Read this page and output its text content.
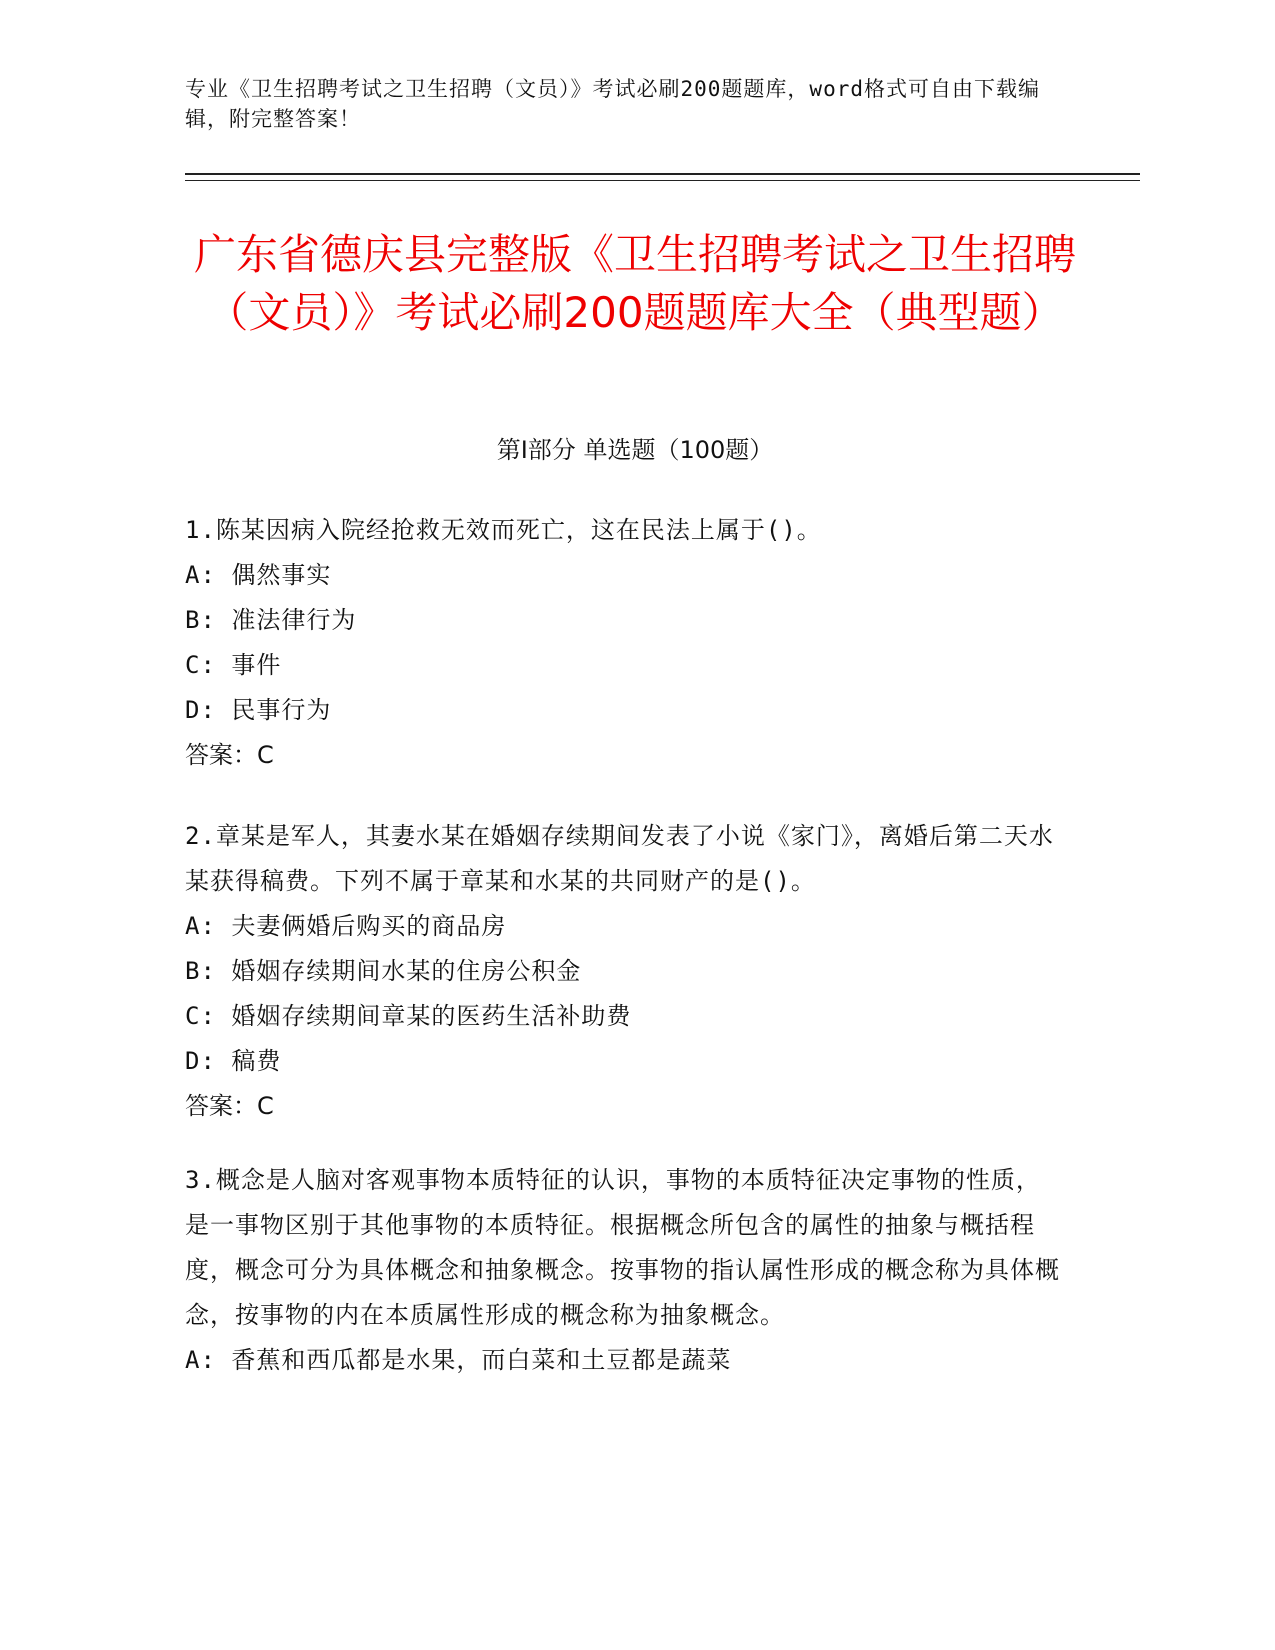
专业《卫生招聘考试之卫生招聘（文员）》考试必刷200题题库，word格式可自由下载编辑，附完整答案！
广东省德庆县完整版《卫生招聘考试之卫生招聘（文员）》考试必刷200题题库大全（典型题）
第Ⅰ部分 单选题（100题）
1.陈某因病入院经抢救无效而死亡，这在民法上属于()。
A: 偶然事实
B: 准法律行为
C: 事件
D: 民事行为
答案：C
2.章某是军人，其妻水某在婚姻存续期间发表了小说《家门》，离婚后第二天水某获得稿费。下列不属于章某和水某的共同财产的是()。
A: 夫妻俩婚后购买的商品房
B: 婚姻存续期间水某的住房公积金
C: 婚姻存续期间章某的医药生活补助费
D: 稿费
答案：C
3.概念是人脑对客观事物本质特征的认识，事物的本质特征决定事物的性质，是一事物区别于其他事物的本质特征。根据概念所包含的属性的抽象与概括程度，概念可分为具体概念和抽象概念。按事物的指认属性形成的概念称为具体概念，按事物的内在本质属性形成的概念称为抽象概念。
A: 香蕉和西瓜都是水果，而白菜和土豆都是蔬菜
